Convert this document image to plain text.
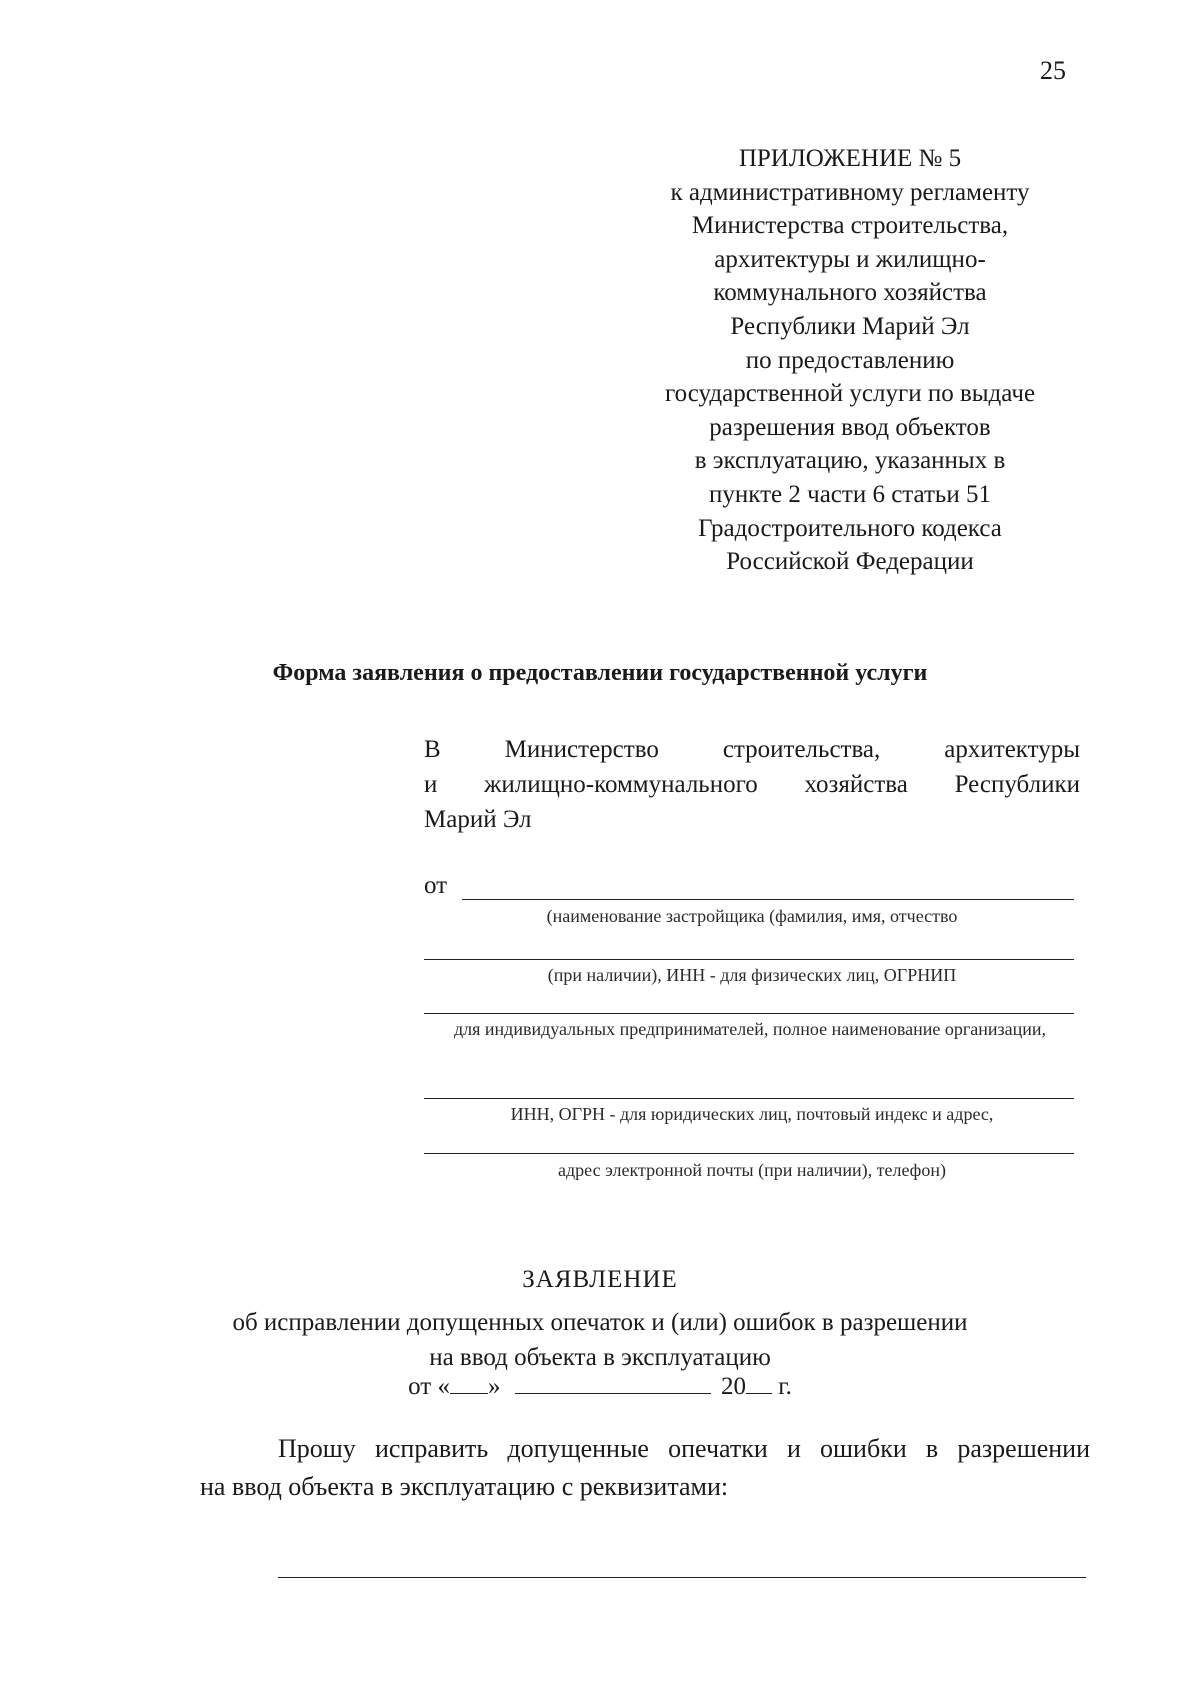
25
ПРИЛОЖЕНИЕ № 5
к административному регламенту
Министерства строительства,
архитектуры и жилищно-
коммунального хозяйства
Республики Марий Эл
по предоставлению
государственной услуги по выдаче
разрешения ввод объектов
в эксплуатацию, указанных в
пункте 2 части 6 статьи 51
Градостроительного кодекса
Российской Федерации
Форма заявления о предоставлении государственной услуги
В Министерство строительства, архитектуры
и жилищно-коммунального хозяйства Республики
Марий Эл
от
(наименование застройщика (фамилия, имя, отчество
(при наличии), ИНН - для физических лиц, ОГРНИП
для индивидуальных предпринимателей, полное наименование организации,
ИНН, ОГРН - для юридических лиц, почтовый индекс и адрес,
адрес электронной почты (при наличии), телефон)
ЗАЯВЛЕНИЕ
об исправлении допущенных опечаток и (или) ошибок в разрешении
на ввод объекта в эксплуатацию
от « »	20 г.
Прошу исправить допущенные опечатки и ошибки в разрешении
на ввод объекта в эксплуатацию с реквизитами:
